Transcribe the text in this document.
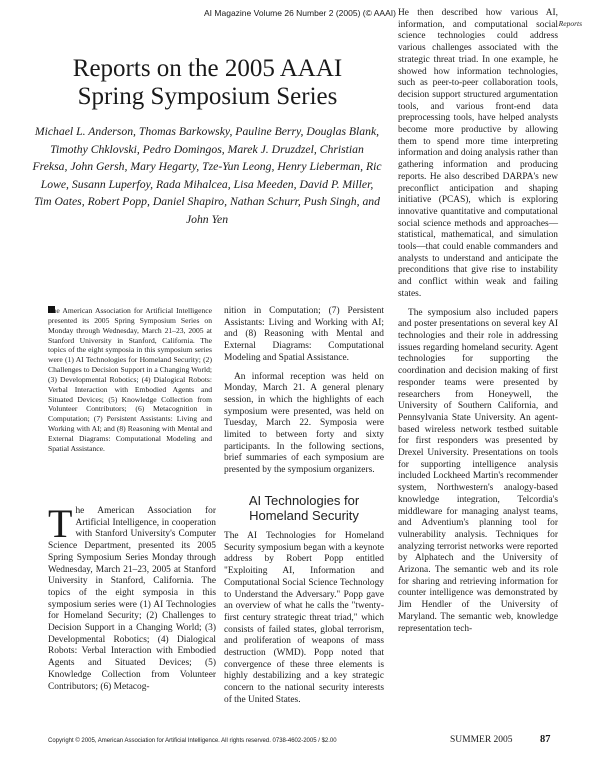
AI Magazine Volume 26 Number 2 (2005) (© AAAI)
Reports
Reports on the 2005 AAAI Spring Symposium Series
Michael L. Anderson, Thomas Barkowsky, Pauline Berry, Douglas Blank, Timothy Chklovski, Pedro Domingos, Marek J. Druzdzel, Christian Freksa, John Gersh, Mary Hegarty, Tze-Yun Leong, Henry Lieberman, Ric Lowe, Susann Luperfoy, Rada Mihalcea, Lisa Meeden, David P. Miller, Tim Oates, Robert Popp, Daniel Shapiro, Nathan Schurr, Push Singh, and John Yen
The American Association for Artificial Intelligence presented its 2005 Spring Symposium Series on Monday through Wednesday, March 21–23, 2005 at Stanford University in Stanford, California. The topics of the eight symposia in this symposium series were (1) AI Technologies for Homeland Security; (2) Challenges to Decision Support in a Changing World; (3) Developmental Robotics; (4) Dialogical Robots: Verbal Interaction with Embodied Agents and Situated Devices; (5) Knowledge Collection from Volunteer Contributors; (6) Metacognition in Computation; (7) Persistent Assistants: Living and Working with AI; and (8) Reasoning with Mental and External Diagrams: Computational Modeling and Spatial Assistance.

The American Association for Artificial Intelligence, in cooperation with Stanford University's Computer Science Department, presented its 2005 Spring Symposium Series Monday through Wednesday, March 21–23, 2005 at Stanford University in Stanford, California. The topics of the eight symposia in this symposium series were (1) AI Technologies for Homeland Security; (2) Challenges to Decision Support in a Changing World; (3) Developmental Robotics; (4) Dialogical Robots: Verbal Interaction with Embodied Agents and Situated Devices; (5) Knowledge Collection from Volunteer Contributors; (6) Metacog-

nition in Computation; (7) Persistent Assistants: Living and Working with AI; and (8) Reasoning with Mental and External Diagrams: Computational Modeling and Spatial Assistance.

An informal reception was held on Monday, March 21. A general plenary session, in which the highlights of each symposium were presented, was held on Tuesday, March 22. Symposia were limited to between forty and sixty participants. In the following sections, brief summaries of each symposium are presented by the symposium organizers.

AI Technologies for Homeland Security

The AI Technologies for Homeland Security symposium began with a keynote address by Robert Popp entitled "Exploiting AI, Information and Computational Social Science Technology to Understand the Adversary." Popp gave an overview of what he calls the "twenty-first century strategic threat triad," which consists of failed states, global terrorism, and proliferation of weapons of mass destruction (WMD). Popp noted that convergence of these three elements is highly destabilizing and a key strategic concern to the national security interests of the United States.

He then described how various AI, information, and computational social science technologies could address various challenges associated with the strategic threat triad. In one example, he showed how information technologies, such as peer-to-peer collaboration tools, decision support structured argumentation tools, and various front-end data preprocessing tools, have helped analysts become more productive by allowing them to spend more time interpreting information and doing analysis rather than gathering information and producing reports. He also described DARPA's new preconflict anticipation and shaping initiative (PCAS), which is exploring innovative quantitative and computational social science methods and approaches—statistical, mathematical, and simulation tools—that could enable commanders and analysts to understand and anticipate the preconditions that give rise to instability and conflict within weak and failing states.

The symposium also included papers and poster presentations on several key AI technologies and their role in addressing issues regarding homeland security. Agent technologies for supporting the coordination and decision making of first responder teams were presented by researchers from Honeywell, the University of Southern California, and Pennsylvania State University. An agent-based wireless network testbed suitable for first responders was presented by Drexel University. Presentations on tools for supporting intelligence analysis included Lockheed Martin's recommender system, Northwestern's analogy-based knowledge integration, Telcordia's middleware for managing analyst teams, and Adventium's planning tool for vulnerability analysis. Techniques for analyzing terrorist networks were reported by Alphatech and the University of Arizona. The semantic web and its role for sharing and retrieving information for counter intelligence was demonstrated by Jim Hendler of the University of Maryland. The semantic web, knowledge representation tech-

Copyright © 2005, American Association for Artificial Intelligence. All rights reserved. 0738-4602-2005 / $2.00	SUMMER 2005	87
